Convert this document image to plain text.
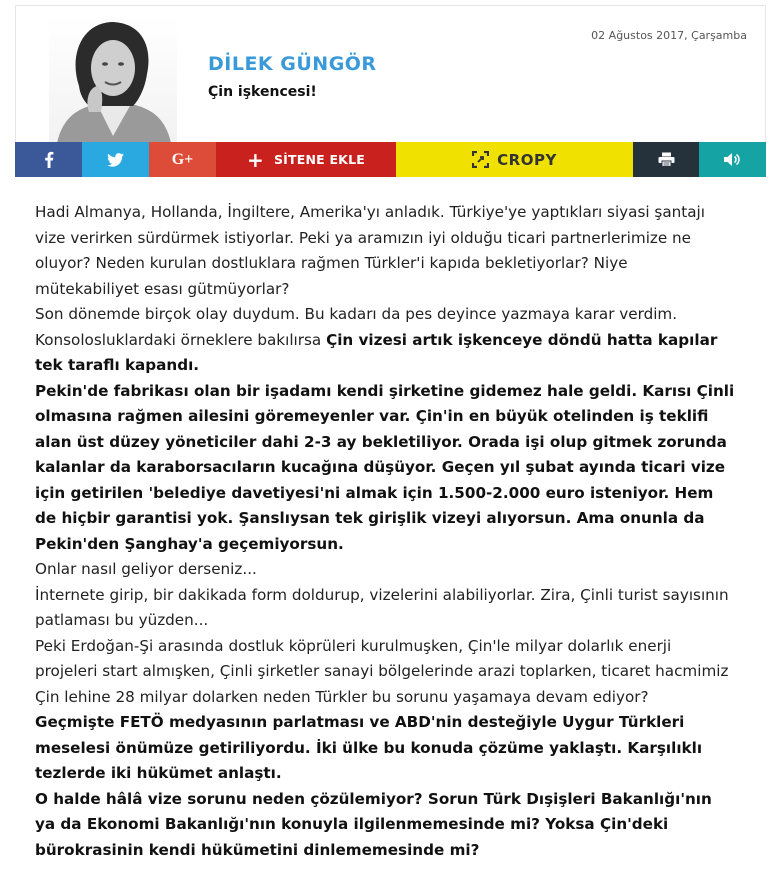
DİLEK GÜNGÖR
Çin işkencesi!
02 Ağustos 2017, Çarşamba
G+	+ SİTENE EKLE	CROPY

Hadi Almanya, Hollanda, İngiltere, Amerika'yı anladık. Türkiye'ye yaptıkları siyasi şantajı vize verirken sürdürmek istiyorlar. Peki ya aramızın iyi olduğu ticari partnerlerimize ne oluyor? Neden kurulan dostluklara rağmen Türkler'i kapıda bekletiyorlar? Niye mütekabiliyet esası gütmüyorlar?

Son dönemde birçok olay duydum. Bu kadarı da pes deyince yazmaya karar verdim.

Konsolosluklardaki örneklere bakılırsa Çin vizesi artık işkenceye döndü hatta kapılar tek taraflı kapandı.

Pekin'de fabrikası olan bir işadamı kendi şirketine gidemez hale geldi. Karısı Çinli olmasına rağmen ailesini göremeyenler var. Çin'in en büyük otelinden iş teklifi alan üst düzey yöneticiler dahi 2-3 ay bekletiliyor. Orada işi olup gitmek zorunda kalanlar da karaborsacıların kucağına düşüyor. Geçen yıl şubat ayında ticari vize için getirilen 'belediye davetiyesi'ni almak için 1.500-2.000 euro isteniyor. Hem de hiçbir garantisi yok. Şanslıysan tek girişlik vizeyi alıyorsun. Ama onunla da Pekin'den Şanghay'a geçemiyorsun.

Onlar nasıl geliyor derseniz...

İnternete girip, bir dakikada form doldurup, vizelerini alabiliyorlar. Zira, Çinli turist sayısının patlaması bu yüzden...

Peki Erdoğan-Şi arasında dostluk köprüleri kurulmuşken, Çin'le milyar dolarlık enerji projeleri start almışken, Çinli şirketler sanayi bölgelerinde arazi toplarken, ticaret hacmimiz Çin lehine 28 milyar dolarken neden Türkler bu sorunu yaşamaya devam ediyor?

Geçmişte FETÖ medyasının parlatması ve ABD'nin desteğiyle Uygur Türkleri meselesi önümüze getiriliyordu. İki ülke bu konuda çözüme yaklaştı. Karşılıklı tezlerde iki hükümet anlaştı.

O halde hâlâ vize sorunu neden çözülemiyor? Sorun Türk Dışişleri Bakanlığı'nın ya da Ekonomi Bakanlığı'nın konuyla ilgilenmemesinde mi? Yoksa Çin'deki bürokrasinin kendi hükümetini dinlememesinde mi?
